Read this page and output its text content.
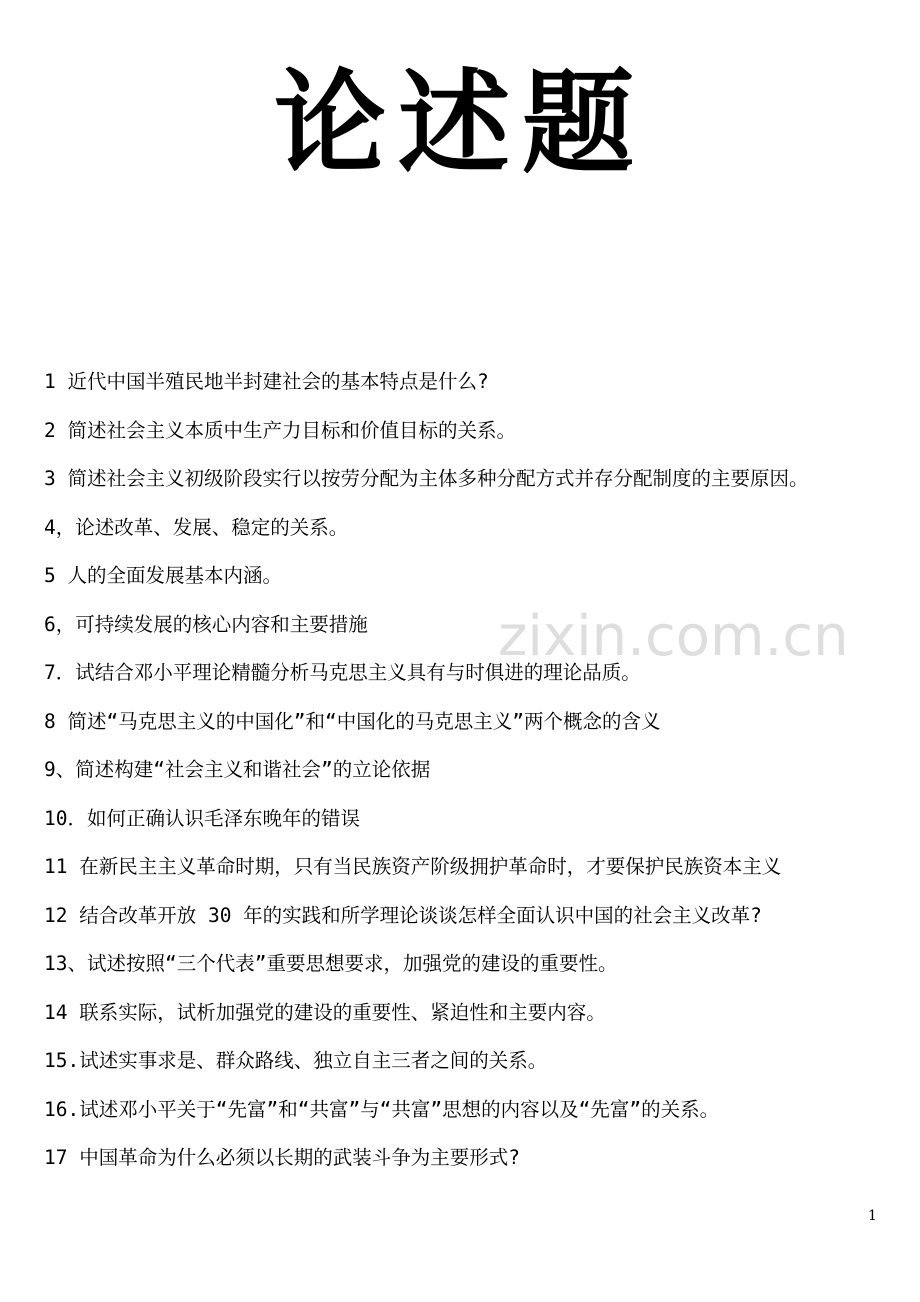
论述题
1 近代中国半殖民地半封建社会的基本特点是什么?
2 简述社会主义本质中生产力目标和价值目标的关系。
3 简述社会主义初级阶段实行以按劳分配为主体多种分配方式并存分配制度的主要原因。
4，论述改革、发展、稳定的关系。
5 人的全面发展基本内涵。
6，可持续发展的核心内容和主要措施
7．试结合邓小平理论精髓分析马克思主义具有与时俱进的理论品质。
8 简述“马克思主义的中国化”和“中国化的马克思主义”两个概念的含义
9、简述构建“社会主义和谐社会”的立论依据
10．如何正确认识毛泽东晚年的错误
11 在新民主主义革命时期，只有当民族资产阶级拥护革命时，才要保护民族资本主义
12 结合改革开放 30 年的实践和所学理论谈谈怎样全面认识中国的社会主义改革?
13、试述按照“三个代表”重要思想要求，加强党的建设的重要性。
14 联系实际，试析加强党的建设的重要性、紧迫性和主要内容。
15.试述实事求是、群众路线、独立自主三者之间的关系。
16.试述邓小平关于“先富”和“共富”与“共富”思想的内容以及“先富”的关系。
17 中国革命为什么必须以长期的武装斗争为主要形式?
zixin.com.cn
1
